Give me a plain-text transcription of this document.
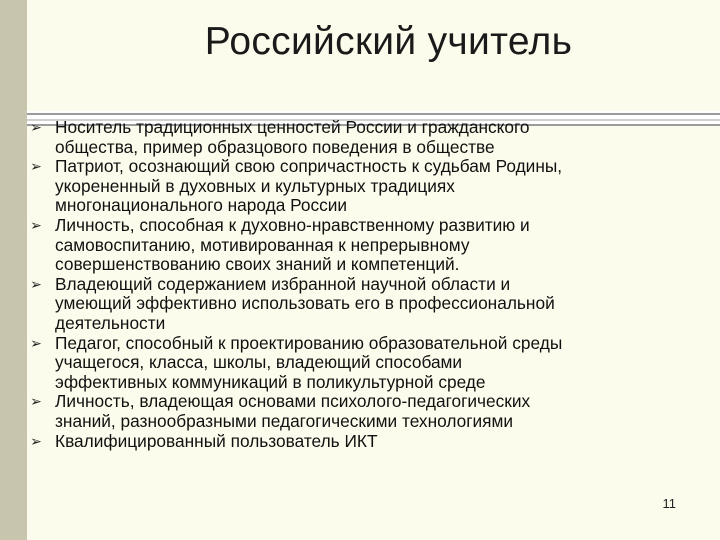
Российский учитель
➢ Носитель традиционных ценностей России и гражданского
общества, пример образцового поведения в обществе
➢ Патриот, осознающий свою сопричастность к судьбам Родины,
укорененный в духовных и культурных традициях
многонационального народа России
➢ Личность, способная к духовно-нравственному развитию и
самовоспитанию, мотивированная к непрерывному
совершенствованию своих знаний и компетенций.
➢ Владеющий содержанием избранной научной области и
умеющий эффективно использовать его в профессиональной
деятельности
➢ Педагог, способный к проектированию образовательной среды
учащегося, класса, школы, владеющий способами
эффективных коммуникаций в поликультурной среде
➢ Личность, владеющая основами психолого-педагогических
знаний, разнообразными педагогическими технологиями
➢ Квалифицированный пользователь ИКТ
11
